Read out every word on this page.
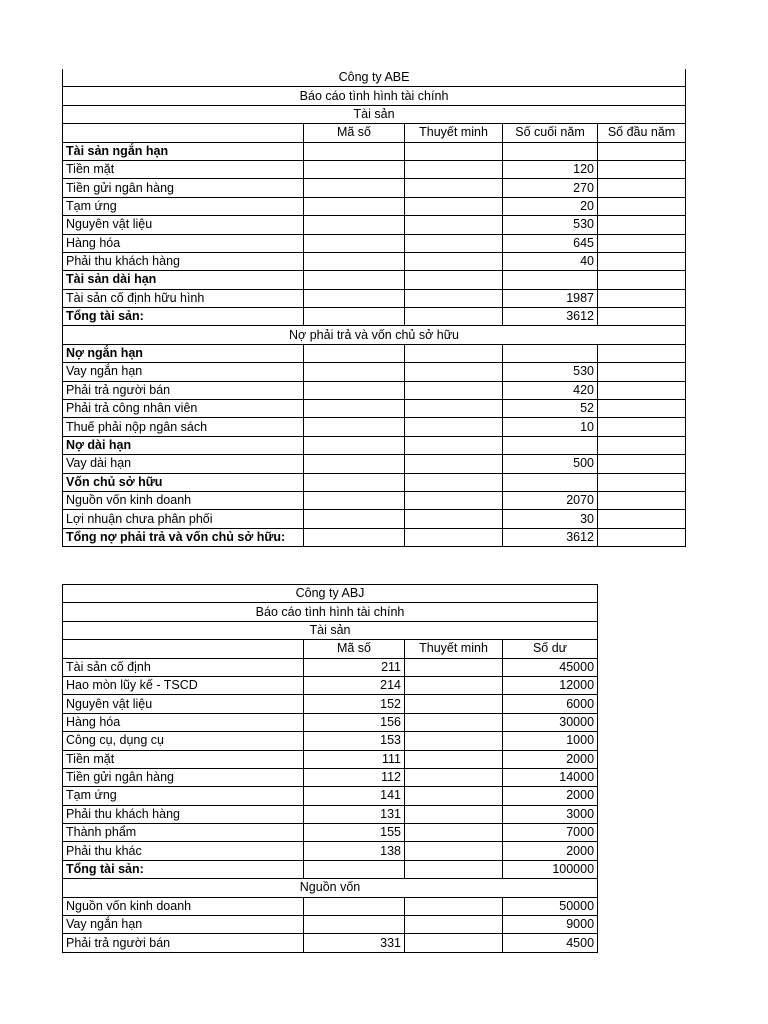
Công ty ABE				
Báo cáo tình hình tài chính				
Tài sản				
	Mã số	Thuyết minh	Số cuối năm	Số đầu năm
Tài sản ngắn hạn				
Tiền mặt			120	
Tiền gửi ngân hàng			270	
Tạm ứng			20	
Nguyên vật liệu			530	
Hàng hóa			645	
Phải thu khách hàng			40	
Tài sản dài hạn				
Tài sản cố định hữu hình			1987	
Tổng tài sản:			3612	
Nợ phải trả và vốn chủ sở hữu				
Nợ ngắn hạn				
Vay ngắn hạn			530	
Phải trả người bán			420	
Phải trả công nhân viên			52	
Thuế phải nộp ngân sách			10	
Nợ dài hạn				
Vay dài hạn			500	
Vốn chủ sở hữu				
Nguồn vốn kinh doanh			2070	
Lợi nhuận chưa phân phối			30	
Tổng nợ phải trả và vốn chủ sở hữu:			3612	
Công ty ABJ			
Báo cáo tình hình tài chính			
Tài sản			
	Mã số	Thuyết minh	Số dư
Tài sản cố định	211		45000
Hao mòn lũy kế - TSCD	214		12000
Nguyên vật liệu	152		6000
Hàng hóa	156		30000
Công cụ, dụng cụ	153		1000
Tiền mặt	111		2000
Tiền gửi ngân hàng	112		14000
Tạm ứng	141		2000
Phải thu khách hàng	131		3000
Thành phẩm	155		7000
Phải thu khác	138		2000
Tổng tài sản:			100000
Nguồn vốn			
Nguồn vốn kinh doanh			50000
Vay ngắn hạn			9000
Phải trả người bán	331		4500
